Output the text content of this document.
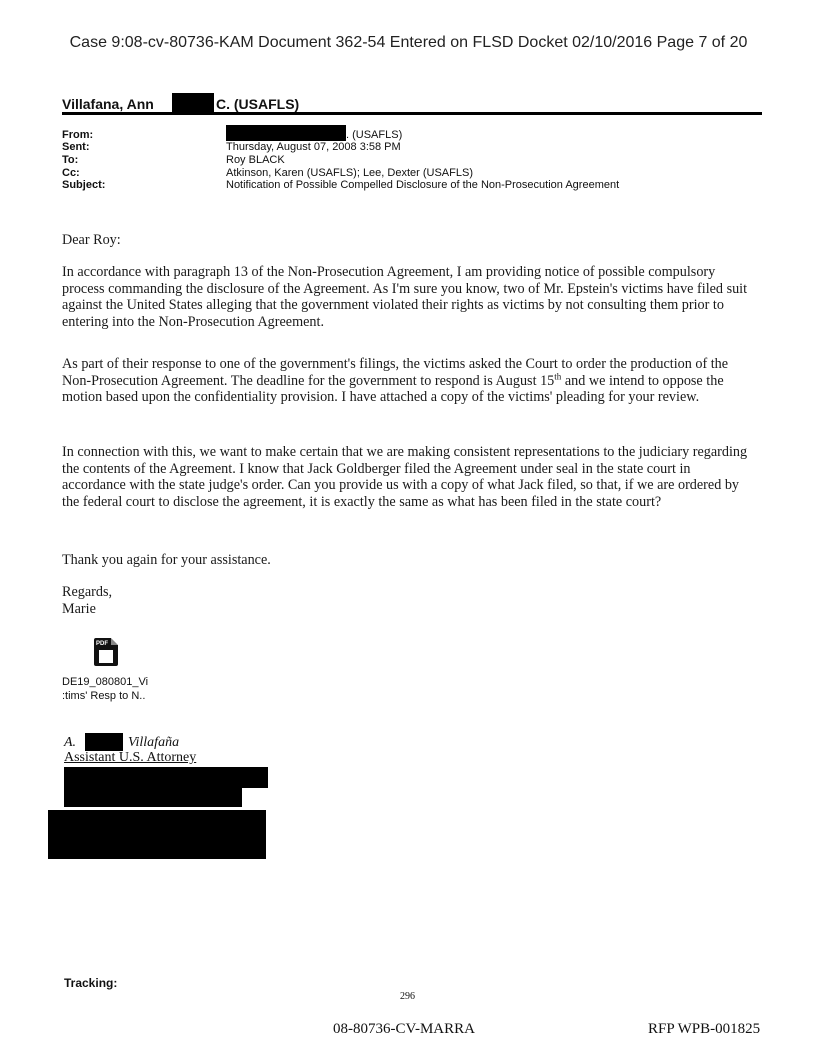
Case 9:08-cv-80736-KAM Document 362-54 Entered on FLSD Docket 02/10/2016 Page 7 of 20
Villafana, Ann	C. (USAFLS)
From:	. (USAFLS)
Sent:	Thursday, August 07, 2008 3:58 PM
To:	Roy BLACK
Cc:	Atkinson, Karen (USAFLS); Lee, Dexter (USAFLS)
Subject:	Notification of Possible Compelled Disclosure of the Non-Prosecution Agreement
Dear Roy:

In accordance with paragraph 13 of the Non-Prosecution Agreement, I am providing notice of possible compulsory process commanding the disclosure of the Agreement. As I'm sure you know, two of Mr. Epstein's victims have filed suit against the United States alleging that the government violated their rights as victims by not consulting them prior to entering into the Non-Prosecution Agreement.

As part of their response to one of the government's filings, the victims asked the Court to order the production of the Non-Prosecution Agreement. The deadline for the government to respond is August 15th and we intend to oppose the motion based upon the confidentiality provision. I have attached a copy of the victims' pleading for your review.

In connection with this, we want to make certain that we are making consistent representations to the judiciary regarding the contents of the Agreement. I know that Jack Goldberger filed the Agreement under seal in the state court in accordance with the state judge's order. Can you provide us with a copy of what Jack filed, so that, if we are ordered by the federal court to disclose the agreement, it is exactly the same as what has been filed in the state court?

Thank you again for your assistance.
Regards,
Marie
PDF
DE19_080801_Vi
:tims' Resp to N..
A.	Villafaña
Assistant U.S. Attorney
Tracking:
296
08-80736-CV-MARRA	RFP WPB-001825
